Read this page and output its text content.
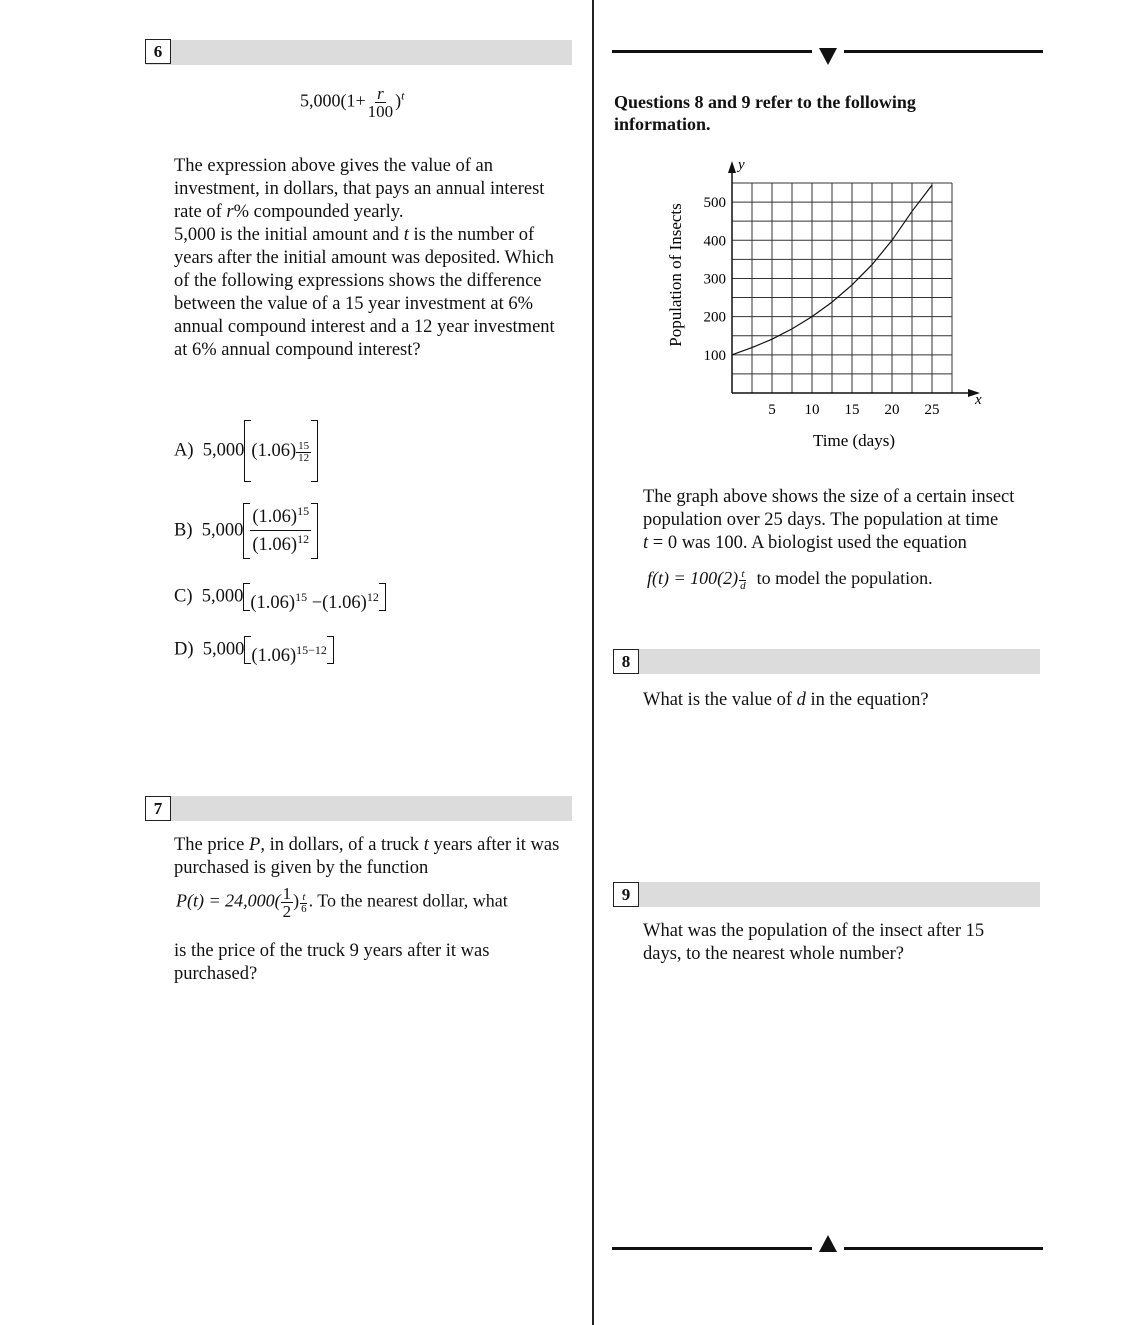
6
$5,000(1+ \frac{r}{100} )^t$
The expression above gives the value of an investment, in dollars, that pays an annual interest rate of r% compounded yearly.
5,000 is the initial amount and t is the number of years after the initial amount was deposited. Which of the following expressions shows the difference between the value of a 15 year investment at 6% annual compound interest and a 12 year investment at 6% annual compound interest?
A) 5,000 $(1.06) \frac{15}{12}$
B) $5,000 \frac{(1.06)^{15}}{(1.06)^{12}}$
C) 5,000 $(1.06)^{15} -(1.06)^{12}$
D) 5,000 $(1.06)^{15-12}$
7
The price P, in dollars, of a truck t years after it was purchased is given by the function
$P(t) = 24,000( \frac{1}{2}$ ) $\frac{t}{6}$ . To the nearest dollar, what
is the price of the truck 9 years after it was purchased?
Questions 8 and 9 refer to the following
information.
5 10 15 20 25
100
200
300
400
500
Population of Insects
Time (days)
x
y
The graph above shows the size of a certain insect population over 25 days. The population at time
t = 0 was 100. A biologist used the equation
$f(t) = 100(2) \frac{t}{d}$ to model the population.
8
What is the value of d in the equation?
9
What was the population of the insect after 15 days, to the nearest whole number?
